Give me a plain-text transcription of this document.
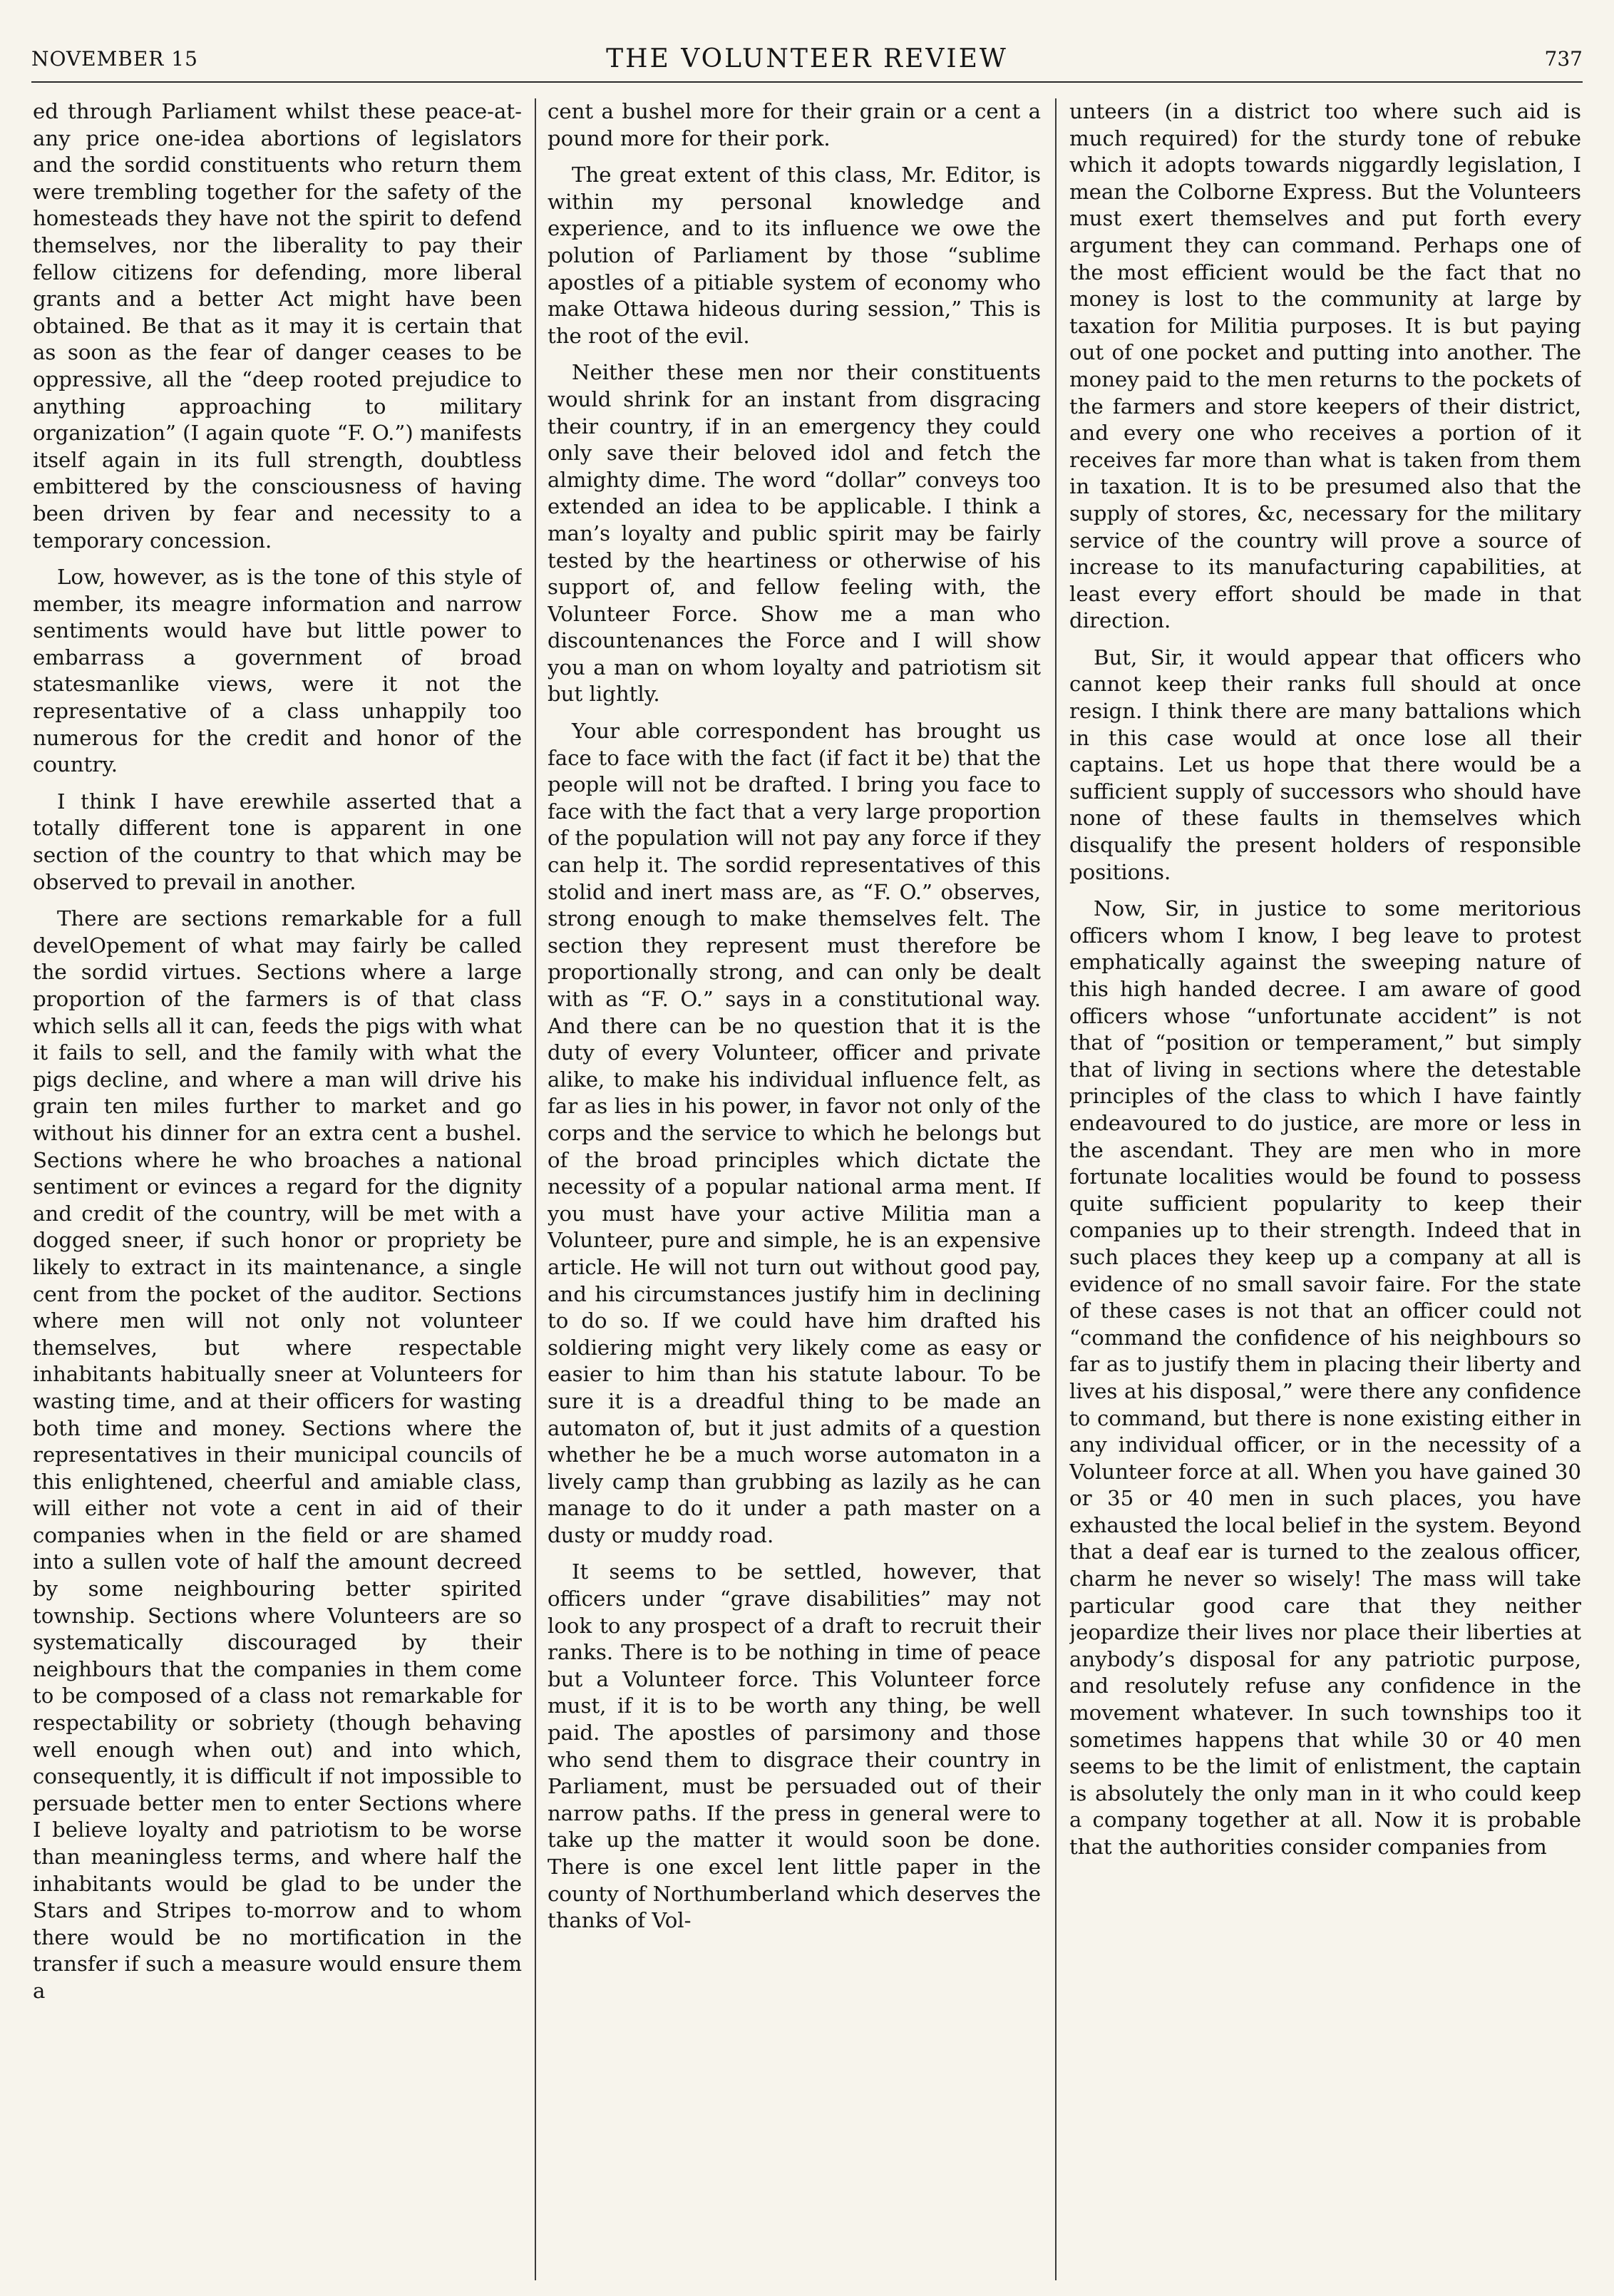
NOVEMBER 15	THE VOLUNTEER REVIEW	737

ed through Parliament whilst these peace-at-any price one-idea abortions of legislators and the sordid constituents who return them were trembling together for the safety of the homesteads they have not the spirit to defend themselves, nor the liberality to pay their fellow citizens for defending, more liberal grants and a better Act might have been obtained. Be that as it may it is certain that as soon as the fear of danger ceases to be oppressive, all the “deep rooted prejudice to anything approaching to military organization” (I again quote “F. O.”) manifests itself again in its full strength, doubtless embittered by the consciousness of having been driven by fear and necessity to a temporary concession.

Low, however, as is the tone of this style of member, its meagre information and narrow sentiments would have but little power to embarrass a government of broad statesmanlike views, were it not the representative of a class unhappily too numerous for the credit and honor of the country.

I think I have erewhile asserted that a totally different tone is apparent in one section of the country to that which may be observed to prevail in another.

There are sections remarkable for a full develOpement of what may fairly be called the sordid virtues. Sections where a large proportion of the farmers is of that class which sells all it can, feeds the pigs with what it fails to sell, and the family with what the pigs decline, and where a man will drive his grain ten miles further to market and go without his dinner for an extra cent a bushel. Sections where he who broaches a national sentiment or evinces a regard for the dignity and credit of the country, will be met with a dogged sneer, if such honor or propriety be likely to extract in its maintenance, a single cent from the pocket of the auditor. Sections where men will not only not volunteer themselves, but where respectable inhabitants habitually sneer at Volunteers for wasting time, and at their officers for wasting both time and money. Sections where the representatives in their municipal councils of this enlightened, cheerful and amiable class, will either not vote a cent in aid of their companies when in the field or are shamed into a sullen vote of half the amount decreed by some neighbouring better spirited township. Sections where Volunteers are so systematically discouraged by their neighbours that the companies in them come to be composed of a class not remarkable for respectability or sobriety (though behaving well enough when out) and into which, consequently, it is difficult if not impossible to persuade better men to enter Sections where I believe loyalty and patriotism to be worse than meaningless terms, and where half the inhabitants would be glad to be under the Stars and Stripes to-morrow and to whom there would be no mortification in the transfer if such a measure would ensure them a

cent a bushel more for their grain or a cent a pound more for their pork.

The great extent of this class, Mr. Editor, is within my personal knowledge and experience, and to its influence we owe the polution of Parliament by those “sublime apostles of a pitiable system of economy who make Ottawa hideous during session,” This is the root of the evil.

Neither these men nor their constituents would shrink for an instant from disgracing their country, if in an emergency they could only save their beloved idol and fetch the almighty dime. The word “dollar” conveys too extended an idea to be applicable. I think a man’s loyalty and public spirit may be fairly tested by the heartiness or otherwise of his support of, and fellow feeling with, the Volunteer Force. Show me a man who discountenances the Force and I will show you a man on whom loyalty and patriotism sit but lightly.

Your able correspondent has brought us face to face with the fact (if fact it be) that the people will not be drafted. I bring you face to face with the fact that a very large proportion of the population will not pay any force if they can help it. The sordid representatives of this stolid and inert mass are, as “F. O.” observes, strong enough to make themselves felt. The section they represent must therefore be proportionally strong, and can only be dealt with as “F. O.” says in a constitutional way. And there can be no question that it is the duty of every Volunteer, officer and private alike, to make his individual influence felt, as far as lies in his power, in favor not only of the corps and the service to which he belongs but of the broad principles which dictate the necessity of a popular national arma ment. If you must have your active Militia man a Volunteer, pure and simple, he is an expensive article. He will not turn out without good pay, and his circumstances justify him in declining to do so. If we could have him drafted his soldiering might very likely come as easy or easier to him than his statute labour. To be sure it is a dreadful thing to be made an automaton of, but it just admits of a question whether he be a much worse automaton in a lively camp than grubbing as lazily as he can manage to do it under a path master on a dusty or muddy road.

It seems to be settled, however, that officers under “grave disabilities” may not look to any prospect of a draft to recruit their ranks. There is to be nothing in time of peace but a Volunteer force. This Volunteer force must, if it is to be worth any thing, be well paid. The apostles of parsimony and those who send them to disgrace their country in Parliament, must be persuaded out of their narrow paths. If the press in general were to take up the matter it would soon be done. There is one excel lent little paper in the county of Northumberland which deserves the thanks of Vol-

unteers (in a district too where such aid is much required) for the sturdy tone of rebuke which it adopts towards niggardly legislation, I mean the Colborne Express. But the Volunteers must exert themselves and put forth every argument they can command. Perhaps one of the most efficient would be the fact that no money is lost to the community at large by taxation for Militia purposes. It is but paying out of one pocket and putting into another. The money paid to the men returns to the pockets of the farmers and store keepers of their district, and every one who receives a portion of it receives far more than what is taken from them in taxation. It is to be presumed also that the supply of stores, &c, necessary for the military service of the country will prove a source of increase to its manufacturing capabilities, at least every effort should be made in that direction.

But, Sir, it would appear that officers who cannot keep their ranks full should at once resign. I think there are many battalions which in this case would at once lose all their captains. Let us hope that there would be a sufficient supply of successors who should have none of these faults in themselves which disqualify the present holders of responsible positions.

Now, Sir, in justice to some meritorious officers whom I know, I beg leave to protest emphatically against the sweeping nature of this high handed decree. I am aware of good officers whose “unfortunate accident” is not that of “position or temperament,” but simply that of living in sections where the detestable principles of the class to which I have faintly endeavoured to do justice, are more or less in the ascendant. They are men who in more fortunate localities would be found to possess quite sufficient popularity to keep their companies up to their strength. Indeed that in such places they keep up a company at all is evidence of no small savoir faire. For the state of these cases is not that an officer could not “command the confidence of his neighbours so far as to justify them in placing their liberty and lives at his disposal,” were there any confidence to command, but there is none existing either in any individual officer, or in the necessity of a Volunteer force at all. When you have gained 30 or 35 or 40 men in such places, you have exhausted the local belief in the system. Beyond that a deaf ear is turned to the zealous officer, charm he never so wisely! The mass will take particular good care that they neither jeopardize their lives nor place their liberties at anybody’s disposal for any patriotic purpose, and resolutely refuse any confidence in the movement whatever. In such townships too it sometimes happens that while 30 or 40 men seems to be the limit of enlistment, the captain is absolutely the only man in it who could keep a company together at all. Now it is probable that the authorities consider companies from
